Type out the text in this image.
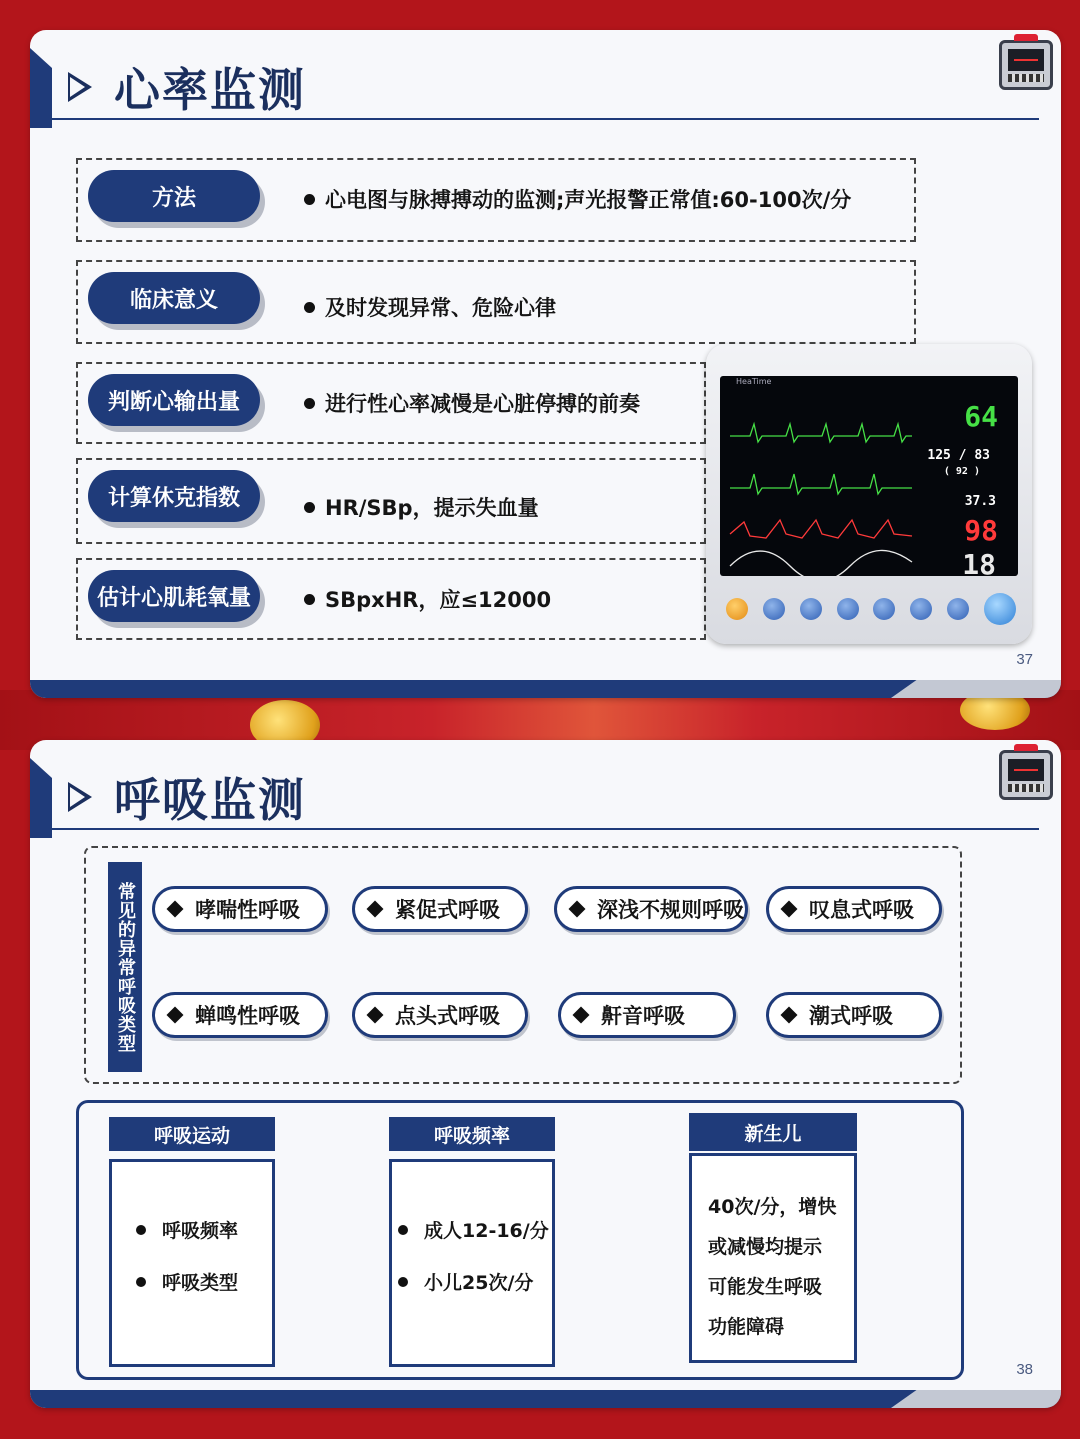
心率监测
方法	心电图与脉搏搏动的监测;声光报警正常值:60-100次/分
临床意义	及时发现异常、危险心律
判断心输出量	进行性心率减慢是心脏停搏的前奏
计算休克指数	HR/SBp，提示失血量
估计心肌耗氧量	SBpxHR，应≤12000
HeaTime
64
125 / 83
( 92 )
37.3
98
18
37
呼吸监测
常见的异常呼吸类型	哮喘性呼吸	紧促式呼吸	深浅不规则呼吸	叹息式呼吸
蝉鸣性呼吸	点头式呼吸	鼾音呼吸	潮式呼吸
呼吸运动
呼吸频率
呼吸类型
呼吸频率
成人12-16/分
小儿25次/分
新生儿
40次/分，增快
或减慢均提示
可能发生呼吸
功能障碍
38
